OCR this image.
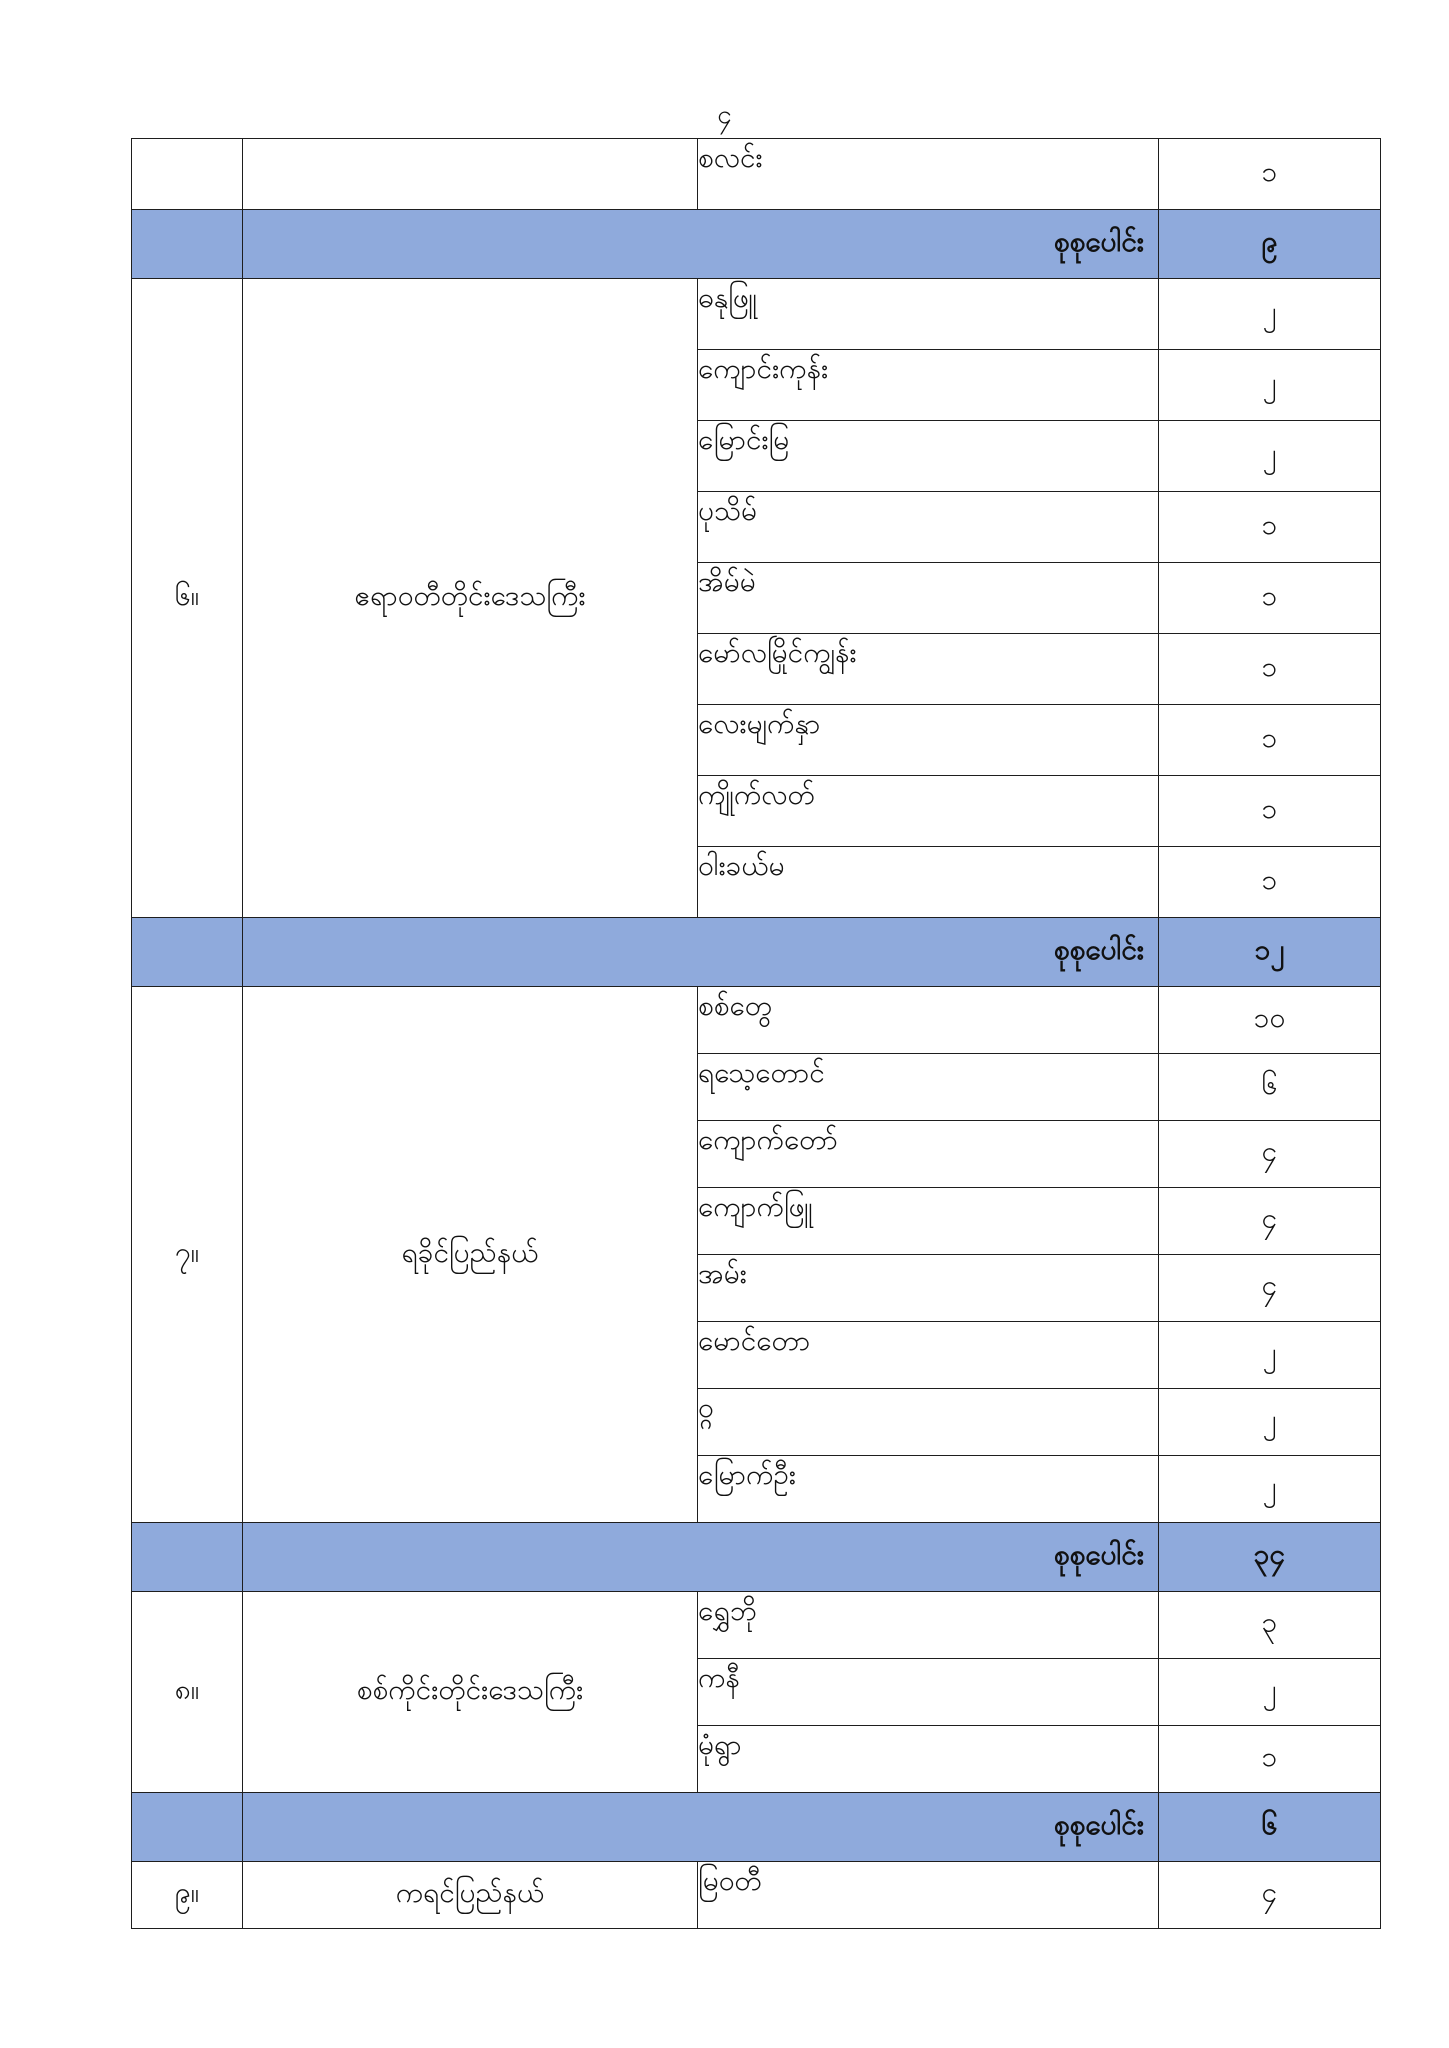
၄
		စလင်း	၁
	စုစုပေါင်း		၉
၆။	ဧရာဝတီတိုင်းဒေသကြီး	ဓနုဖြူ	၂
		ကျောင်းကုန်း	၂
		မြောင်းမြ	၂
		ပုသိမ်	၁
		အိမ်မဲ	၁
		မော်လမြိုင်ကျွန်း	၁
		လေးမျက်နှာ	၁
		ကျိုက်လတ်	၁
		ဝါးခယ်မ	၁
	စုစုပေါင်း		၁၂
၇။	ရခိုင်ပြည်နယ်	စစ်တွေ	၁၀
		ရသေ့တောင်	၆
		ကျောက်တော်	၄
		ကျောက်ဖြူ	၄
		အမ်း	၄
		မောင်တော	၂
		ဝ္ဂ	၂
		မြောက်ဦး	၂
	စုစုပေါင်း		၃၄
၈။	စစ်ကိုင်းတိုင်းဒေသကြီး	ရွှေဘို	၃
		ကနီ	၂
		မုံရွာ	၁
	စုစုပေါင်း		၆
၉။	ကရင်ပြည်နယ်	မြဝတီ	၄
